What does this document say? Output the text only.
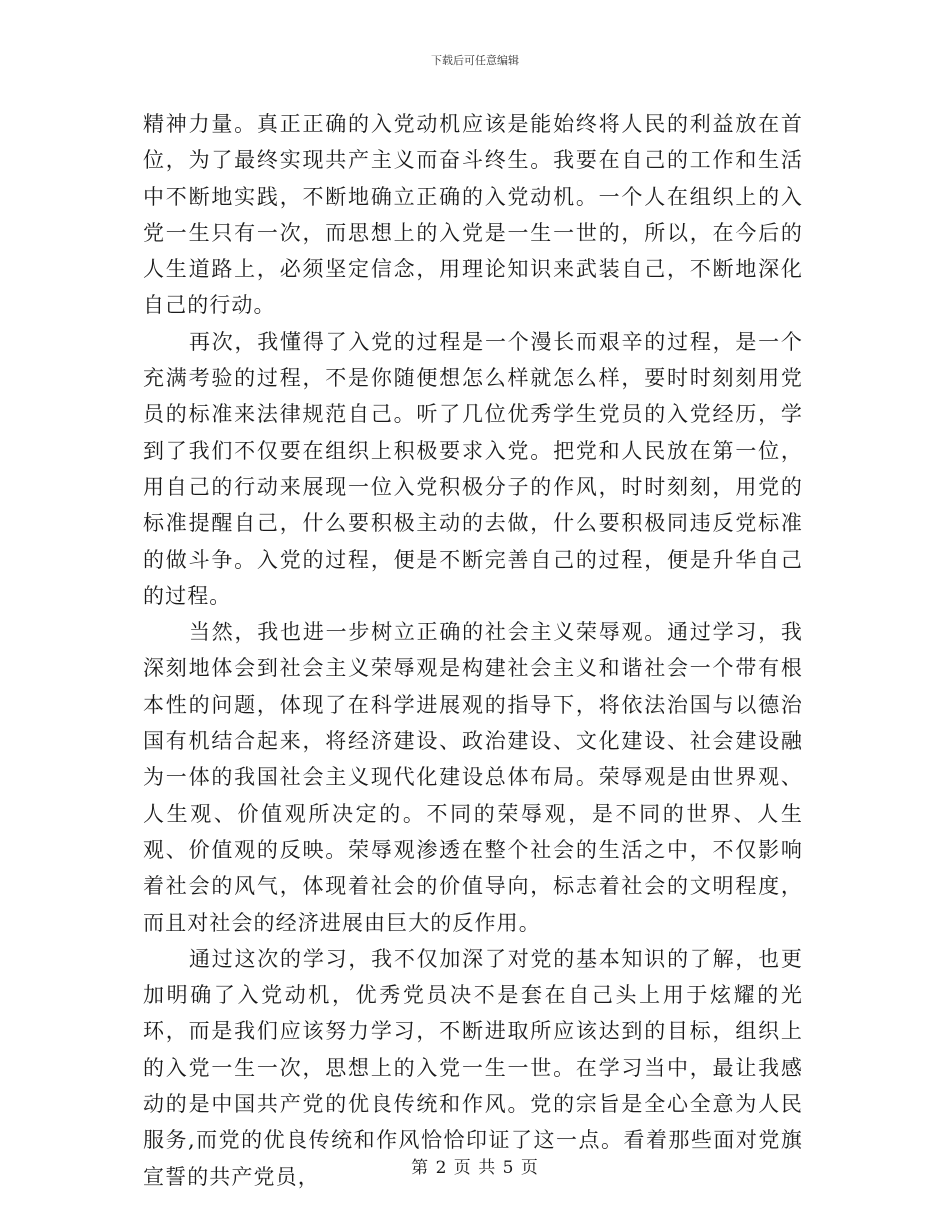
下载后可任意编辑

精神力量。真正正确的入党动机应该是能始终将人民的利益放在首位，为了最终实现共产主义而奋斗终生。我要在自己的工作和生活中不断地实践，不断地确立正确的入党动机。一个人在组织上的入党一生只有一次，而思想上的入党是一生一世的，所以，在今后的人生道路上，必须坚定信念，用理论知识来武装自己，不断地深化自己的行动。

再次，我懂得了入党的过程是一个漫长而艰辛的过程，是一个充满考验的过程，不是你随便想怎么样就怎么样，要时时刻刻用党员的标准来法律规范自己。听了几位优秀学生党员的入党经历，学到了我们不仅要在组织上积极要求入党。把党和人民放在第一位，用自己的行动来展现一位入党积极分子的作风，时时刻刻，用党的标准提醒自己，什么要积极主动的去做，什么要积极同违反党标准的做斗争。入党的过程，便是不断完善自己的过程，便是升华自己的过程。

当然，我也进一步树立正确的社会主义荣辱观。通过学习，我深刻地体会到社会主义荣辱观是构建社会主义和谐社会一个带有根本性的问题，体现了在科学进展观的指导下，将依法治国与以德治国有机结合起来，将经济建设、政治建设、文化建设、社会建设融为一体的我国社会主义现代化建设总体布局。荣辱观是由世界观、人生观、价值观所决定的。不同的荣辱观，是不同的世界、人生观、价值观的反映。荣辱观渗透在整个社会的生活之中，不仅影响着社会的风气，体现着社会的价值导向，标志着社会的文明程度，而且对社会的经济进展由巨大的反作用。

通过这次的学习，我不仅加深了对党的基本知识的了解，也更加明确了入党动机，优秀党员决不是套在自己头上用于炫耀的光环，而是我们应该努力学习，不断进取所应该达到的目标，组织上的入党一生一次，思想上的入党一生一世。在学习当中，最让我感动的是中国共产党的优良传统和作风。党的宗旨是全心全意为人民服务,而党的优良传统和作风恰恰印证了这一点。看着那些面对党旗宣誓的共产党员，	第 2 页 共 5 页
